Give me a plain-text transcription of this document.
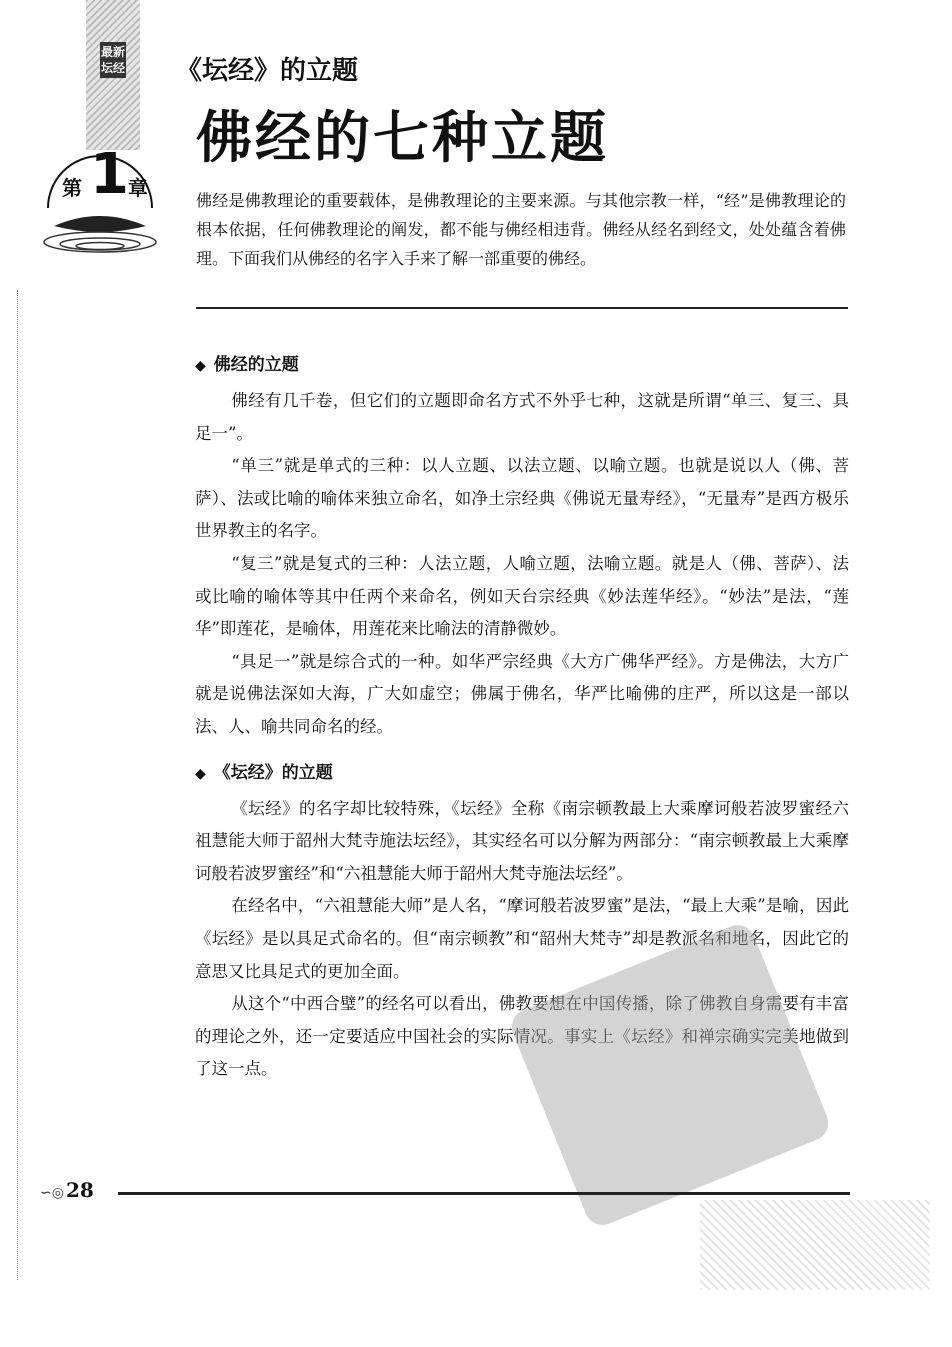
最新坛经
第 1 章
《坛经》的立题
佛经的七种立题

佛经是佛教理论的重要载体，是佛教理论的主要来源。与其他宗教一样，“经”是佛教理论的根本依据，任何佛教理论的阐发，都不能与佛经相违背。佛经从经名到经文，处处蕴含着佛理。下面我们从佛经的名字入手来了解一部重要的佛经。

◆ 佛经的立题

佛经有几千卷，但它们的立题即命名方式不外乎七种，这就是所谓“单三、复三、具足一”。

“单三”就是单式的三种：以人立题、以法立题、以喻立题。也就是说以人（佛、菩萨）、法或比喻的喻体来独立命名，如净土宗经典《佛说无量寿经》，“无量寿”是西方极乐世界教主的名字。

“复三”就是复式的三种：人法立题，人喻立题，法喻立题。就是人（佛、菩萨）、法或比喻的喻体等其中任两个来命名，例如天台宗经典《妙法莲华经》。“妙法”是法，“莲华”即莲花，是喻体，用莲花来比喻法的清静微妙。

“具足一”就是综合式的一种。如华严宗经典《大方广佛华严经》。方是佛法，大方广就是说佛法深如大海，广大如虚空；佛属于佛名，华严比喻佛的庄严，所以这是一部以法、人、喻共同命名的经。

◆ 《坛经》的立题

《坛经》的名字却比较特殊，《坛经》全称《南宗顿教最上大乘摩诃般若波罗蜜经六祖慧能大师于韶州大梵寺施法坛经》，其实经名可以分解为两部分：“南宗顿教最上大乘摩诃般若波罗蜜经”和“六祖慧能大师于韶州大梵寺施法坛经”。

在经名中，“六祖慧能大师”是人名，“摩诃般若波罗蜜”是法，“最上大乘”是喻，因此《坛经》是以具足式命名的。但“南宗顿教”和“韶州大梵寺”却是教派名和地名，因此它的意思又比具足式的更加全面。

从这个“中西合璧”的经名可以看出，佛教要想在中国传播，除了佛教自身需要有丰富的理论之外，还一定要适应中国社会的实际情况。事实上《坛经》和禅宗确实完美地做到了这一点。

∽◎ 28
